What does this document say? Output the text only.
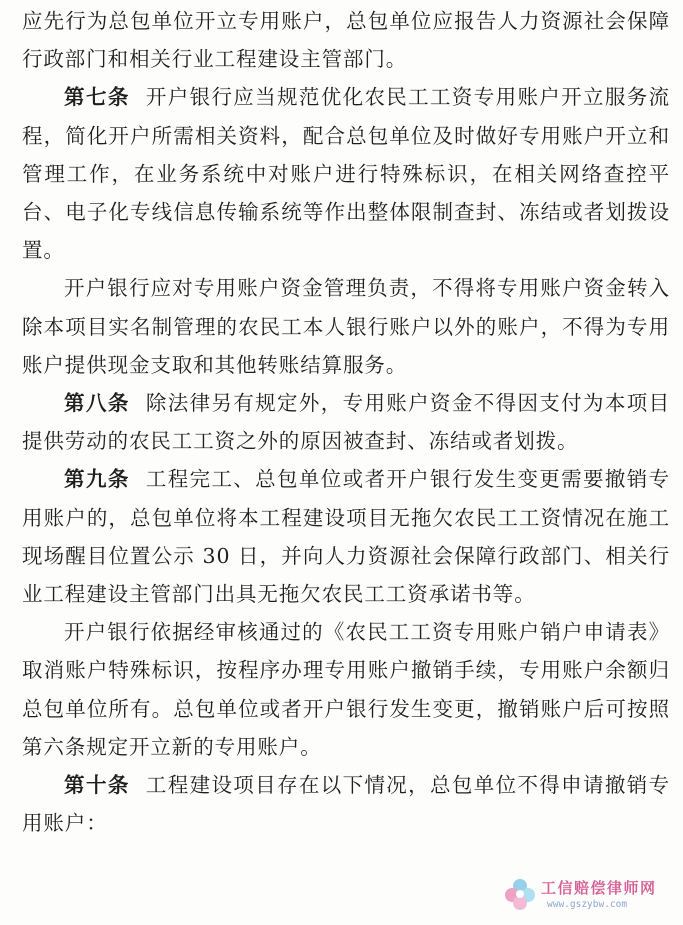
应先行为总包单位开立专用账户，总包单位应报告人力资源社会保障行政部门和相关行业工程建设主管部门。

第七条 开户银行应当规范优化农民工工资专用账户开立服务流程，简化开户所需相关资料，配合总包单位及时做好专用账户开立和管理工作，在业务系统中对账户进行特殊标识，在相关网络查控平台、电子化专线信息传输系统等作出整体限制查封、冻结或者划拨设置。

开户银行应对专用账户资金管理负责，不得将专用账户资金转入除本项目实名制管理的农民工本人银行账户以外的账户，不得为专用账户提供现金支取和其他转账结算服务。

第八条 除法律另有规定外，专用账户资金不得因支付为本项目提供劳动的农民工工资之外的原因被查封、冻结或者划拨。

第九条 工程完工、总包单位或者开户银行发生变更需要撤销专用账户的，总包单位将本工程建设项目无拖欠农民工工资情况在施工现场醒目位置公示 30 日，并向人力资源社会保障行政部门、相关行业工程建设主管部门出具无拖欠农民工工资承诺书等。

开户银行依据经审核通过的《农民工工资专用账户销户申请表》取消账户特殊标识，按程序办理专用账户撤销手续，专用账户余额归总包单位所有。总包单位或者开户银行发生变更，撤销账户后可按照第六条规定开立新的专用账户。

第十条 工程建设项目存在以下情况，总包单位不得申请撤销专用账户：

工信赔偿律师网
www.gszybw.com
